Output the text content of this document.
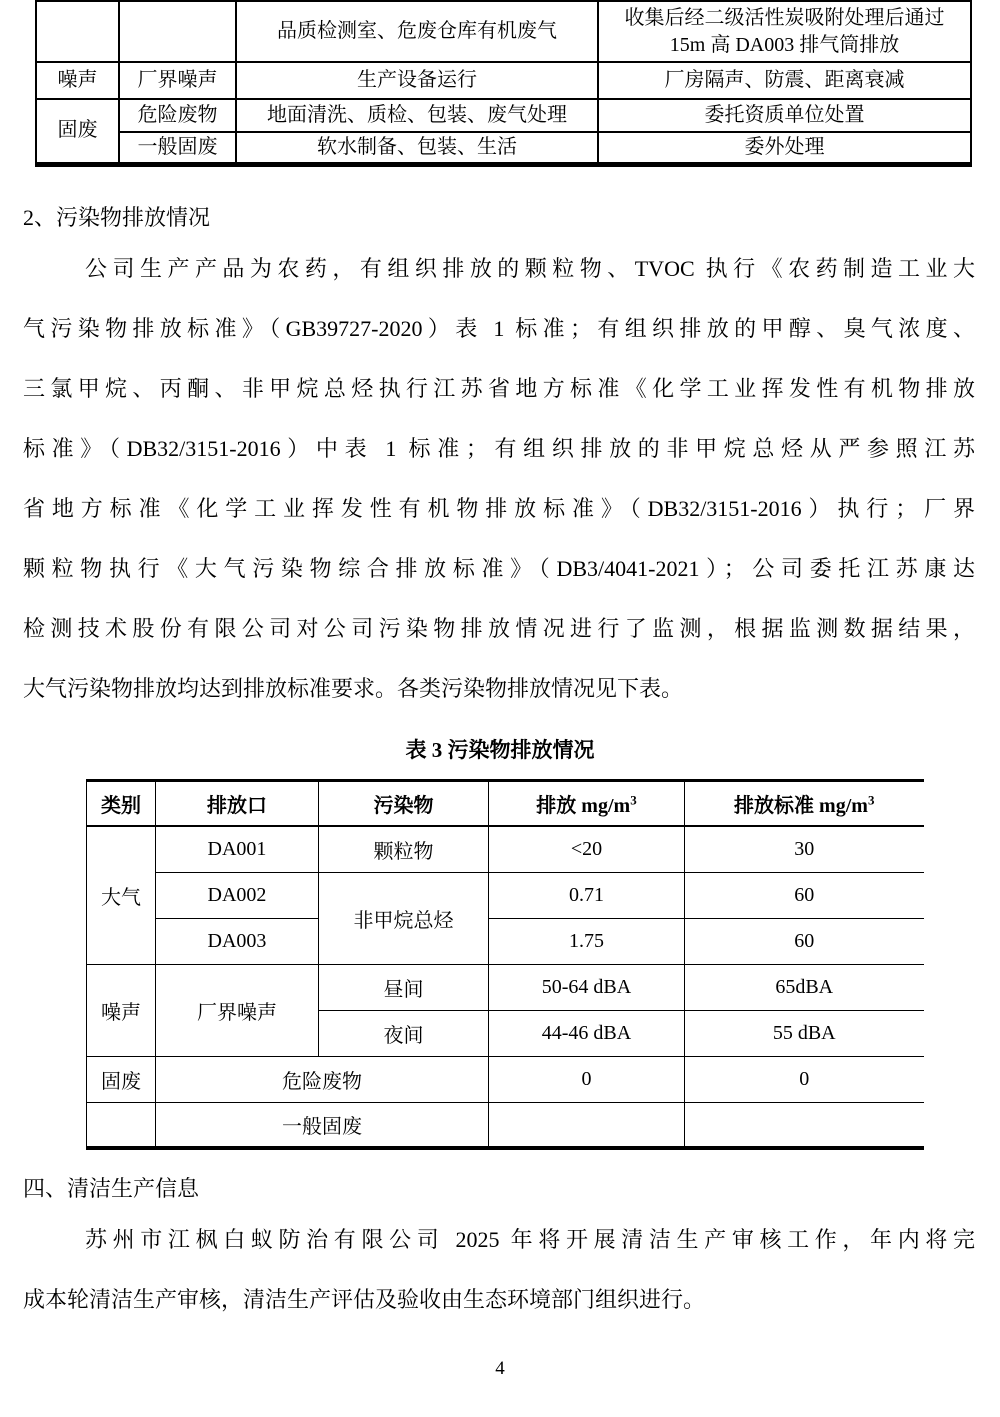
		品质检测室、危废仓库有机废气	收集后经二级活性炭吸附处理后通过 15m 高 DA003 排气筒排放
噪声	厂界噪声	生产设备运行	厂房隔声、防震、距离衰减
固废	危险废物	地面清洗、质检、包装、废气处理	委托资质单位处置
	一般固废	软水制备、包装、生活	委外处理
2、污染物排放情况
公司生产产品为农药，有组织排放的颗粒物、TVOC 执行《农药制造工业大
气污染物排放标准》（GB39727-2020）表 1 标准；有组织排放的甲醇、臭气浓度、
三氯甲烷、丙酮、非甲烷总烃执行江苏省地方标准《化学工业挥发性有机物排放
标准》（DB32/3151-2016）中表 1 标准；有组织排放的非甲烷总烃从严参照江苏
省地方标准《化学工业挥发性有机物排放标准》（DB32/3151-2016）执行；厂界
颗粒物执行《大气污染物综合排放标准》（DB3/4041-2021）；公司委托江苏康达
检测技术股份有限公司对公司污染物排放情况进行了监测，根据监测数据结果，
大气污染物排放均达到排放标准要求。各类污染物排放情况见下表。
表 3 污染物排放情况
类别	排放口	污染物	排放 $mg/m^3$	排放标准 $mg/m^3$
大气	DA001	颗粒物	<20	30
	DA002	非甲烷总烃	0.71	60
	DA003		1.75	60
噪声	厂界噪声	昼间	50-64 dBA	65dBA
		夜间	44-46 dBA	55 dBA
固废	危险废物		0	0
	一般固废			
四、清洁生产信息
苏州市江枫白蚁防治有限公司 2025 年将开展清洁生产审核工作，年内将完
成本轮清洁生产审核，清洁生产评估及验收由生态环境部门组织进行。
4
